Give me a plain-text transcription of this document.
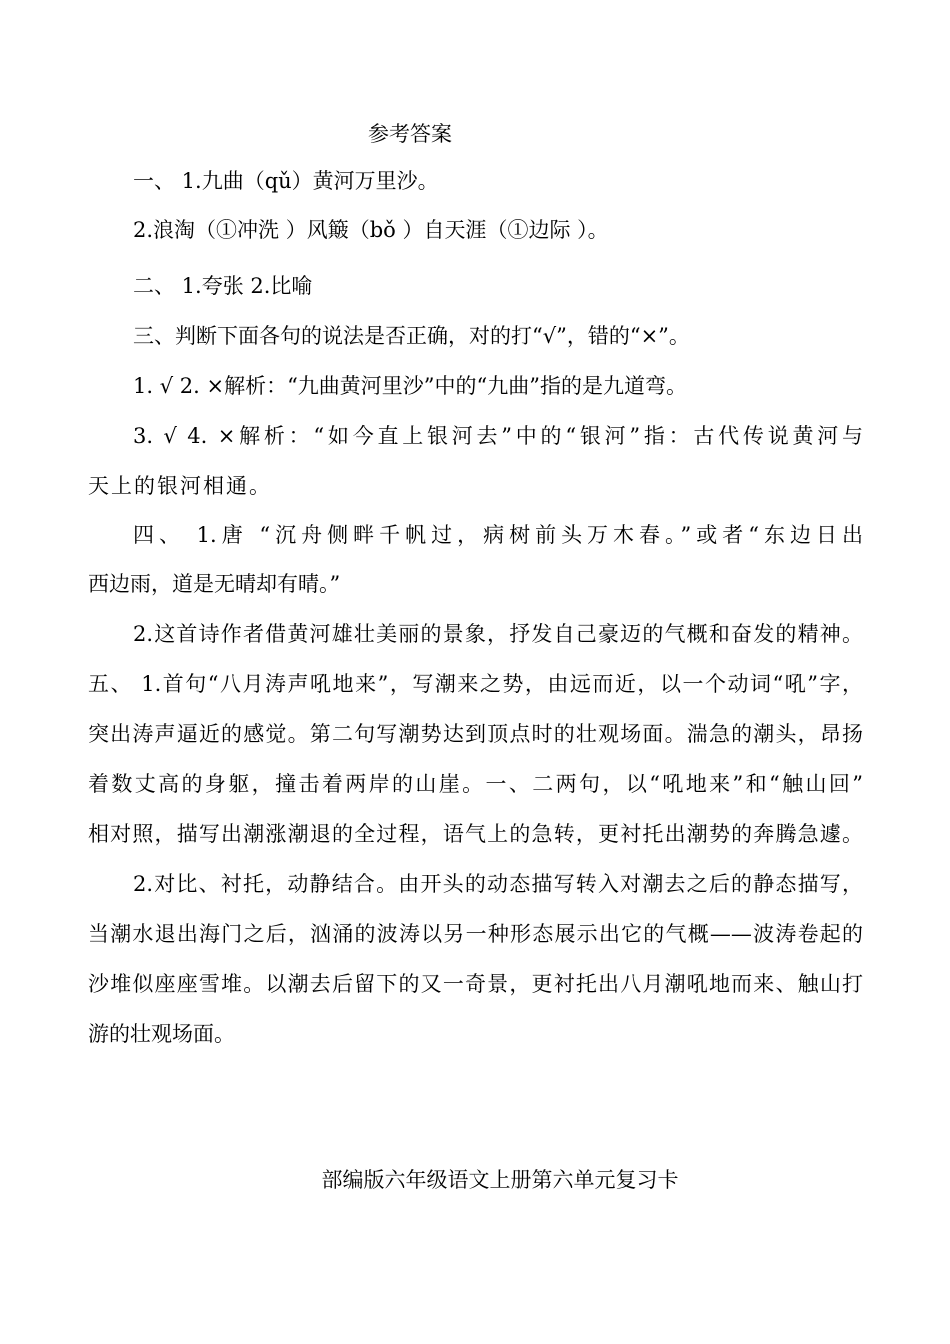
参考答案
一、 1.九曲（qǔ）黄河万里沙。
2.浪淘（①冲洗 ）风簸（bǒ ）自天涯（①边际 ）。
二、 1.夸张 2.比喻
三、判断下面各句的说法是否正确，对的打“√”，错的“×”。
1. √ 2. ×解析：“九曲黄河里沙”中的“九曲”指的是九道弯。
3. √ 4. ×解析：“如今直上银河去”中的“银河”指：古代传说黄河与
天上的银河相通。
四、 1.唐 “沉舟侧畔千帆过，病树前头万木春。”或者“东边日出
西边雨，道是无晴却有晴。”
2.这首诗作者借黄河雄壮美丽的景象，抒发自己豪迈的气概和奋发的精神。
五、 1.首句“八月涛声吼地来”，写潮来之势，由远而近，以一个动词“吼”字，
突出涛声逼近的感觉。第二句写潮势达到顶点时的壮观场面。湍急的潮头，昂扬
着数丈高的身躯，撞击着两岸的山崖。一、二两句，以“吼地来”和“触山回”
相对照，描写出潮涨潮退的全过程，语气上的急转，更衬托出潮势的奔腾急遽。
2.对比、衬托，动静结合。由开头的动态描写转入对潮去之后的静态描写，
当潮水退出海门之后，汹涌的波涛以另一种形态展示出它的气概——波涛卷起的
沙堆似座座雪堆。以潮去后留下的又一奇景，更衬托出八月潮吼地而来、触山打
游的壮观场面。
部编版六年级语文上册第六单元复习卡
